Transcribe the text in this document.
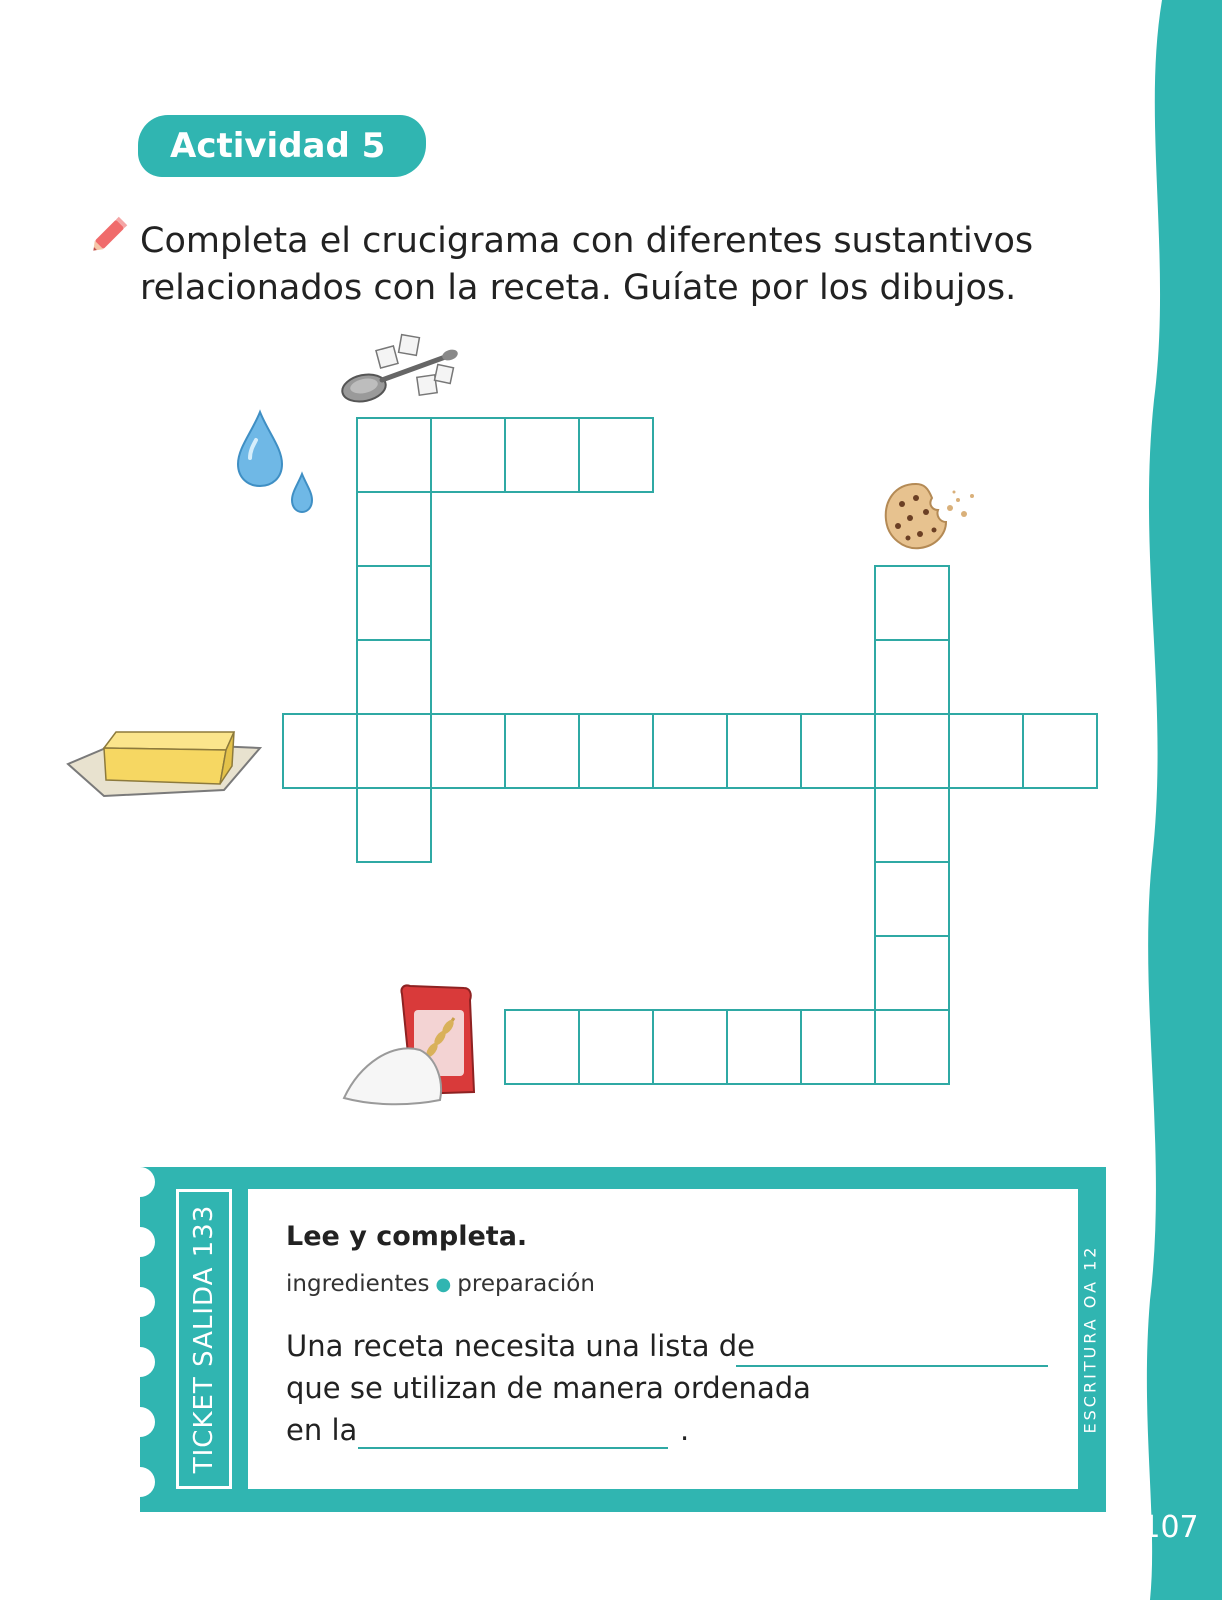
107
Actividad 5
Completa el crucigrama con diferentes sustantivos
relacionados con la receta. Guíate por los dibujos.
TICKET SALIDA 133 Lee y completa.
ingredientes ● preparación
Una receta necesita una lista de
que se utilizan de manera ordenada
en la	.	ESCRITURA OA 12
